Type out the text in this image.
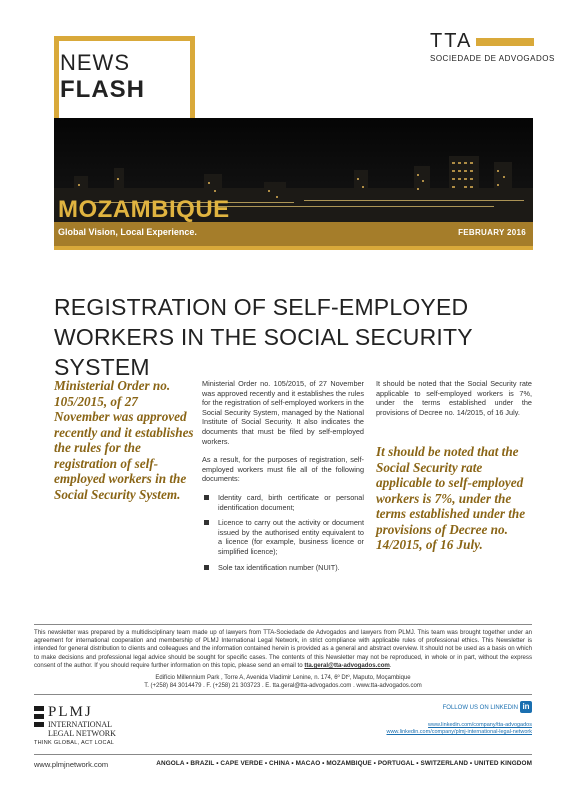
NEWS
FLASH
TTA
SOCIEDADE DE ADVOGADOS
MOZAMBIQUE
Global Vision, Local Experience.	FEBRUARY 2016
REGISTRATION OF SELF-EMPLOYED
WORKERS IN THE SOCIAL SECURITY SYSTEM
Ministerial Order no. 105/2015, of 27 November was approved recently and it establishes the rules for the registration of self-employed workers in the Social Security System.

Ministerial Order no. 105/2015, of 27 November was approved recently and it establishes the rules for the registration of self-employed workers in the Social Security System, managed by the National Institute of Social Security. It also indicates the documents that must be filed by self-employed workers.

As a result, for the purposes of registration, self-employed workers must file all of the following documents:

Identity card, birth certificate or personal identification document;
Licence to carry out the activity or document issued by the authorised entity equivalent to a licence (for example, business licence or simplified licence);
Sole tax identification number (NUIT).
It should be noted that the Social Security rate applicable to self-employed workers is 7%, under the terms established under the provisions of Decree no. 14/2015, of 16 July.
It should be noted that the Social Security rate applicable to self-employed workers is 7%, under the terms established under the provisions of Decree no. 14/2015, of 16 July.
This newsletter was prepared by a multidisciplinary team made up of lawyers from TTA-Sociedade de Advogados and lawyers from PLMJ. This team was brought together under an agreement for international cooperation and membership of PLMJ International Legal Network, in strict compliance with applicable rules of professional ethics. This Newsletter is intended for general distribution to clients and colleagues and the information contained herein is provided as a general and abstract overview. It should not be used as a basis on which to make decisions and professional legal advice should be sought for specific cases. The contents of this Newsletter may not be reproduced, in whole or in part, without the express consent of the author. If you should require further information on this topic, please send an email to tta.geral@tta-advogados.com.
Edifício Millennium Park , Torre A, Avenida Vladimir Lenine, n. 174, 6º Dtº, Maputo, Moçambique
T. (+258) 84 3014479 . F. (+258) 21 303723 . E. tta.geral@tta-advogados.com . www.tta-advogados.com
PLMJ
INTERNATIONAL
LEGAL NETWORK
THINK GLOBAL, ACT LOCAL
FOLLOW US ON LINKEDIN in
www.linkedin.com/company/tta-advogados
www.linkedin.com/company/plmj-international-legal-network
www.plmjnetwork.com	ANGOLA • BRAZIL • CAPE VERDE • CHINA • MACAO • MOZAMBIQUE • PORTUGAL • SWITZERLAND • UNITED KINGDOM
